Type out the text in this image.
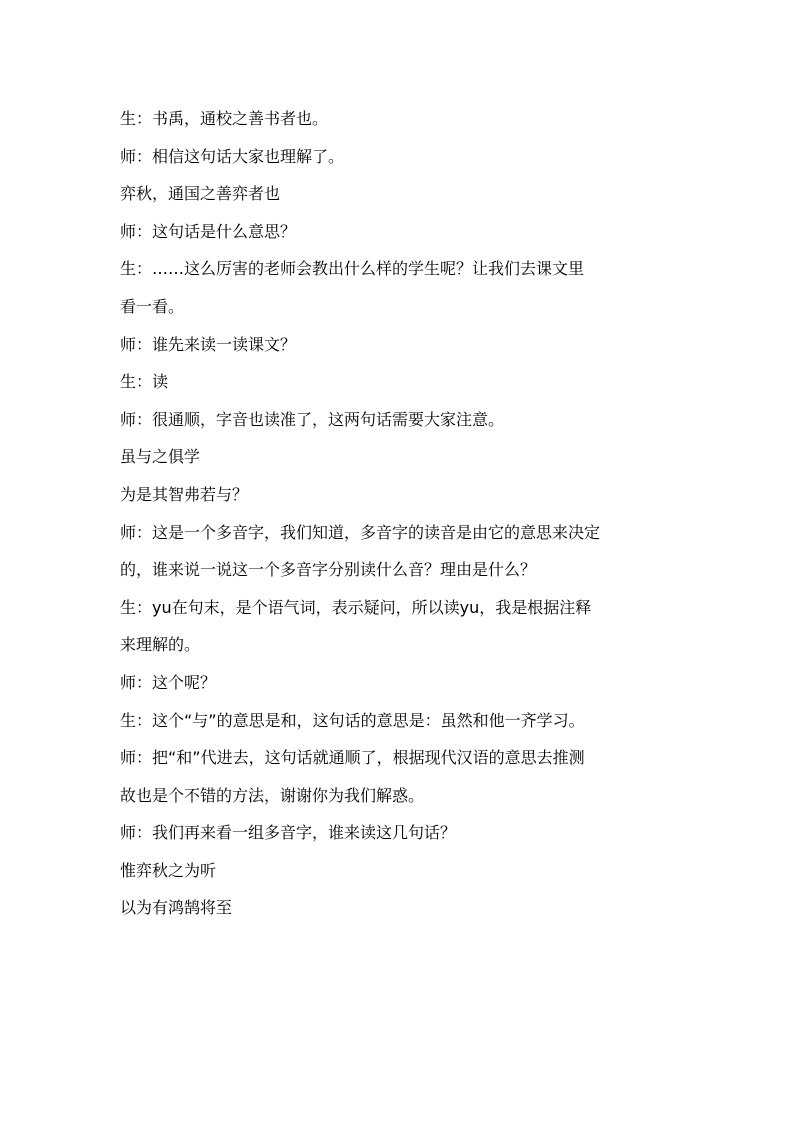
生：书禹，通校之善书者也。

师：相信这句话大家也理解了。

弈秋，通国之善弈者也

师：这句话是什么意思？

生：……这么厉害的老师会教出什么样的学生呢？让我们去课文里

看一看。

师：谁先来读一读课文？

生：读

师：很通顺，字音也读准了，这两句话需要大家注意。

虽与之俱学

为是其智弗若与？

师：这是一个多音字，我们知道，多音字的读音是由它的意思来决定

的，谁来说一说这一个多音字分别读什么音？理由是什么？

生：yu在句末，是个语气词，表示疑问，所以读yu，我是根据注释

来理解的。

师：这个呢？

生：这个“与”的意思是和，这句话的意思是：虽然和他一齐学习。

师：把“和”代进去，这句话就通顺了，根据现代汉语的意思去推测

故也是个不错的方法，谢谢你为我们解惑。

师：我们再来看一组多音字，谁来读这几句话？

惟弈秋之为听

以为有鸿鹄将至
